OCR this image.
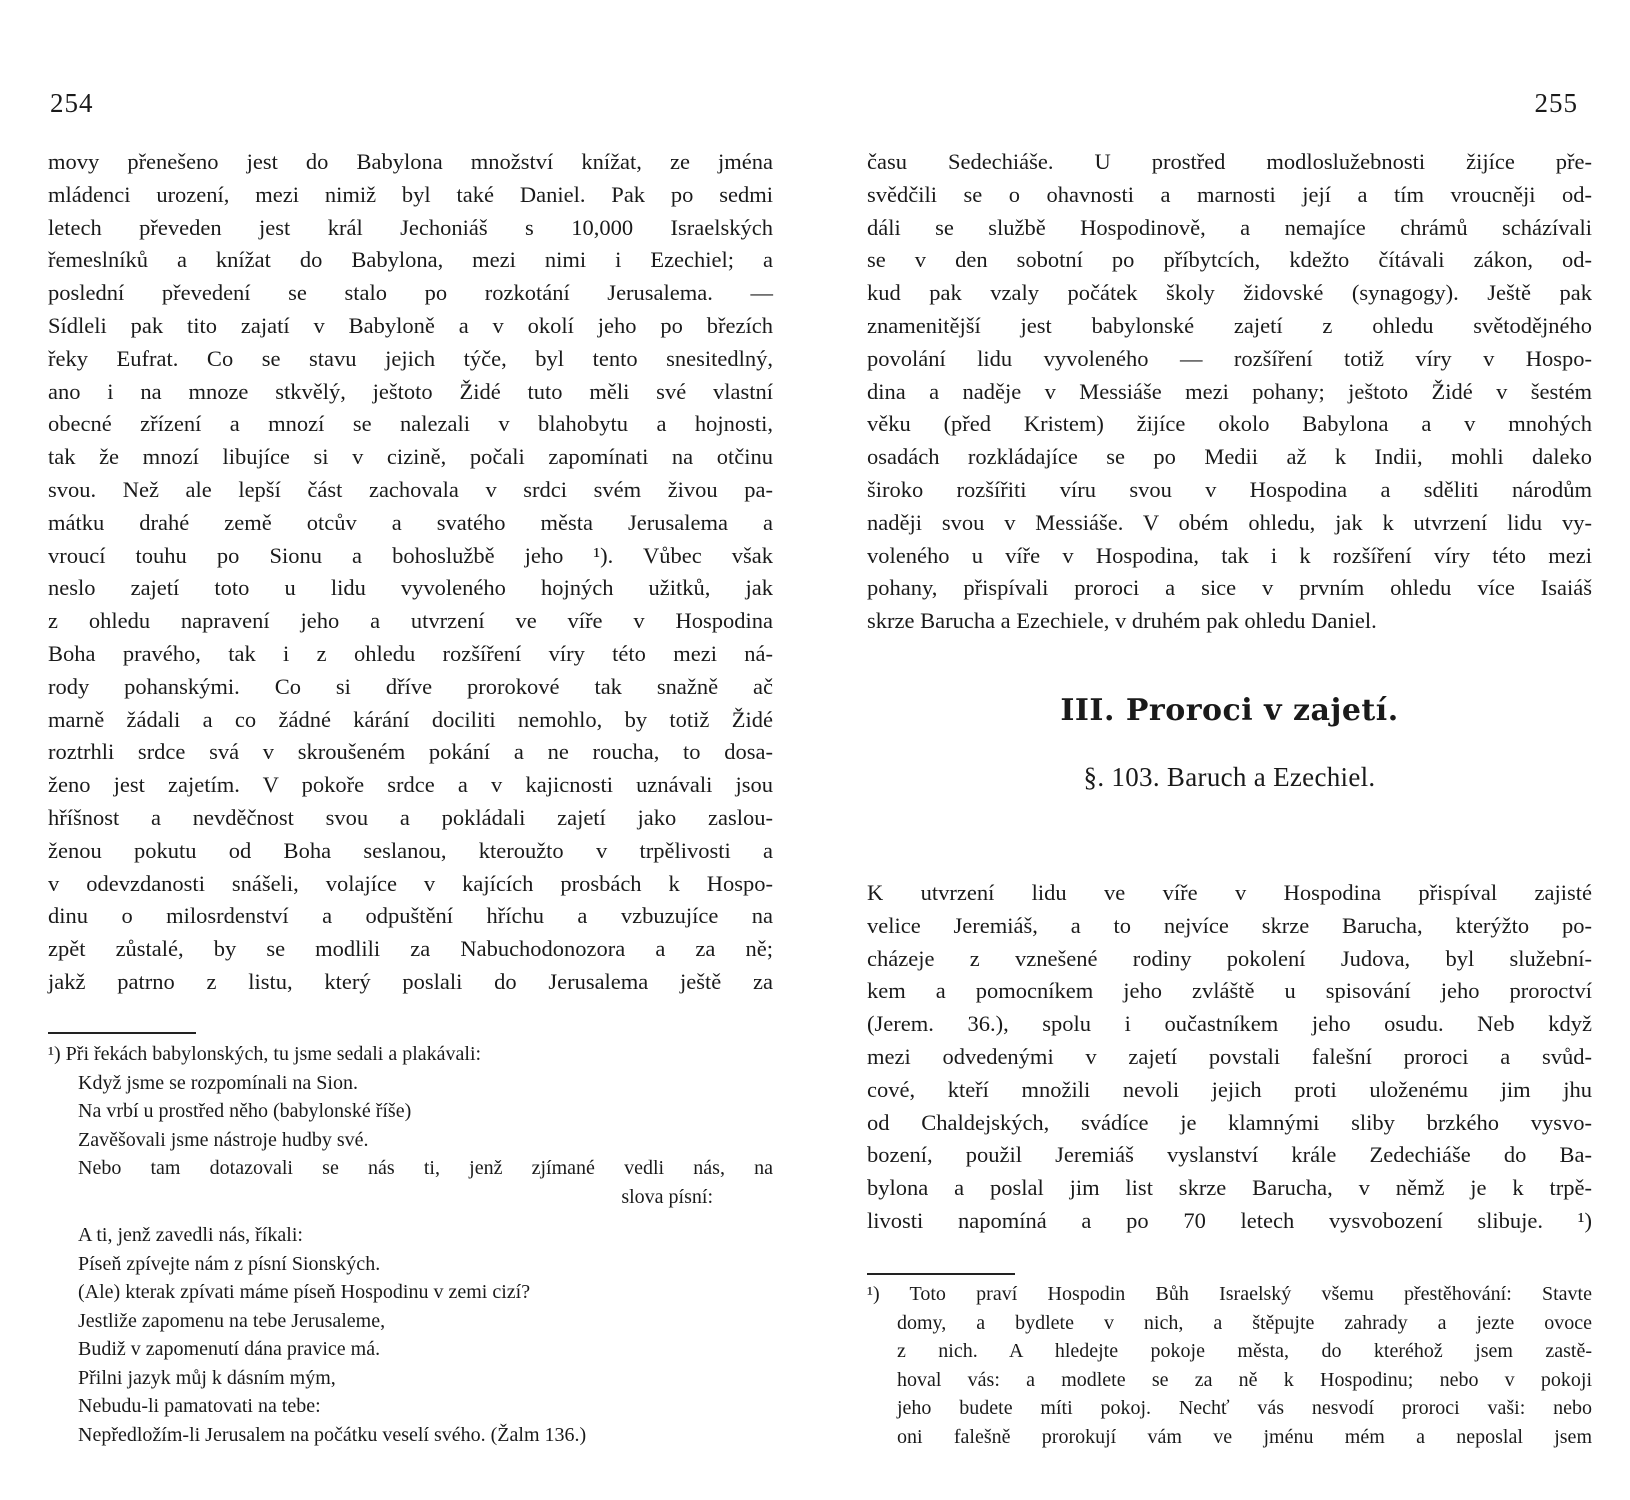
254
movy přenešeno jest do Babylona množství knížat, ze jména
mládenci urození, mezi nimiž byl také Daniel. Pak po sedmi
letech převeden jest král Jechoniáš s 10,000 Israelských
řemeslníků a knížat do Babylona, mezi nimi i Ezechiel; a
poslední převedení se stalo po rozkotání Jerusalema. —
Sídleli pak tito zajatí v Babyloně a v okolí jeho po březích
řeky Eufrat. Co se stavu jejich týče, byl tento snesitedlný,
ano i na mnoze stkvělý, ještoto Židé tuto měli své vlastní
obecné zřízení a mnozí se nalezali v blahobytu a hojnosti,
tak že mnozí libujíce si v cizině, počali zapomínati na otčinu
svou. Než ale lepší část zachovala v srdci svém živou pa-
mátku drahé země otcův a svatého města Jerusalema a
vroucí touhu po Sionu a bohoslužbě jeho ¹). Vůbec však
neslo zajetí toto u lidu vyvoleného hojných užitků, jak
z ohledu napravení jeho a utvrzení ve víře v Hospodina
Boha pravého, tak i z ohledu rozšíření víry této mezi ná-
rody pohanskými. Co si dříve prorokové tak snažně ač
marně žádali a co žádné kárání dociliti nemohlo, by totiž Židé
roztrhli srdce svá v skroušeném pokání a ne roucha, to dosa-
ženo jest zajetím. V pokoře srdce a v kajicnosti uznávali jsou
hříšnost a nevděčnost svou a pokládali zajetí jako zaslou-
ženou pokutu od Boha seslanou, kteroužto v trpělivosti a
v odevzdanosti snášeli, volajíce v kajících prosbách k Hospo-
dinu o milosrdenství a odpuštění hříchu a vzbuzujíce na
zpět zůstalé, by se modlili za Nabuchodonozora a za ně;
jakž patrno z listu, který poslali do Jerusalema ještě za
¹) Při řekách babylonských, tu jsme sedali a plakávali:
Když jsme se rozpomínali na Sion.
Na vrbí u prostřed něho (babylonské říše)
Zavěšovali jsme nástroje hudby své.
Nebo tam dotazovali se nás ti, jenž zjímané vedli nás, na
slova písní:
A ti, jenž zavedli nás, říkali:
Píseň zpívejte nám z písní Sionských.
(Ale) kterak zpívati máme píseň Hospodinu v zemi cizí?
Jestliže zapomenu na tebe Jerusaleme,
Budiž v zapomenutí dána pravice má.
Přilni jazyk můj k dásním mým,
Nebudu-li pamatovati na tebe:
Nepředložím-li Jerusalem na počátku veselí svého. (Žalm 136.)
255
času Sedechiáše. U prostřed modloslužebnosti žijíce pře-
svědčili se o ohavnosti a marnosti její a tím vroucněji od-
dáli se službě Hospodinově, a nemajíce chrámů scházívali
se v den sobotní po příbytcích, kdežto čítávali zákon, od-
kud pak vzaly počátek školy židovské (synagogy). Ještě pak
znamenitější jest babylonské zajetí z ohledu světodějného
povolání lidu vyvoleného — rozšíření totiž víry v Hospo-
dina a naděje v Messiáše mezi pohany; ještoto Židé v šestém
věku (před Kristem) žijíce okolo Babylona a v mnohých
osadách rozkládajíce se po Medii až k Indii, mohli daleko
široko rozšířiti víru svou v Hospodina a sděliti národům
naději svou v Messiáše. V obém ohledu, jak k utvrzení lidu vy-
voleného u víře v Hospodina, tak i k rozšíření víry této mezi
pohany, přispívali proroci a sice v prvním ohledu více Isaiáš
skrze Barucha a Ezechiele, v druhém pak ohledu Daniel.
III. Proroci v zajetí.
§. 103. Baruch a Ezechiel.
K utvrzení lidu ve víře v Hospodina přispíval zajisté
velice Jeremiáš, a to nejvíce skrze Barucha, kterýžto po-
cházeje z vznešené rodiny pokolení Judova, byl služební-
kem a pomocníkem jeho zvláště u spisování jeho proroctví
(Jerem. 36.), spolu i oučastníkem jeho osudu. Neb když
mezi odvedenými v zajetí povstali falešní proroci a svůd-
cové, kteří množili nevoli jejich proti uloženému jim jhu
od Chaldejských, svádíce je klamnými sliby brzkého vysvo-
bození, použil Jeremiáš vyslanství krále Zedechiáše do Ba-
bylona a poslal jim list skrze Barucha, v němž je k trpě-
livosti napomíná a po 70 letech vysvobození slibuje. ¹)
¹) Toto praví Hospodin Bůh Israelský všemu přestěhování: Stavte
domy, a bydlete v nich, a štěpujte zahrady a jezte ovoce
z nich. A hledejte pokoje města, do kteréhož jsem zastě-
hoval vás: a modlete se za ně k Hospodinu; nebo v pokoji
jeho budete míti pokoj. Nechť vás nesvodí proroci vaši: nebo
oni falešně prorokují vám ve jménu mém a neposlal jsem
